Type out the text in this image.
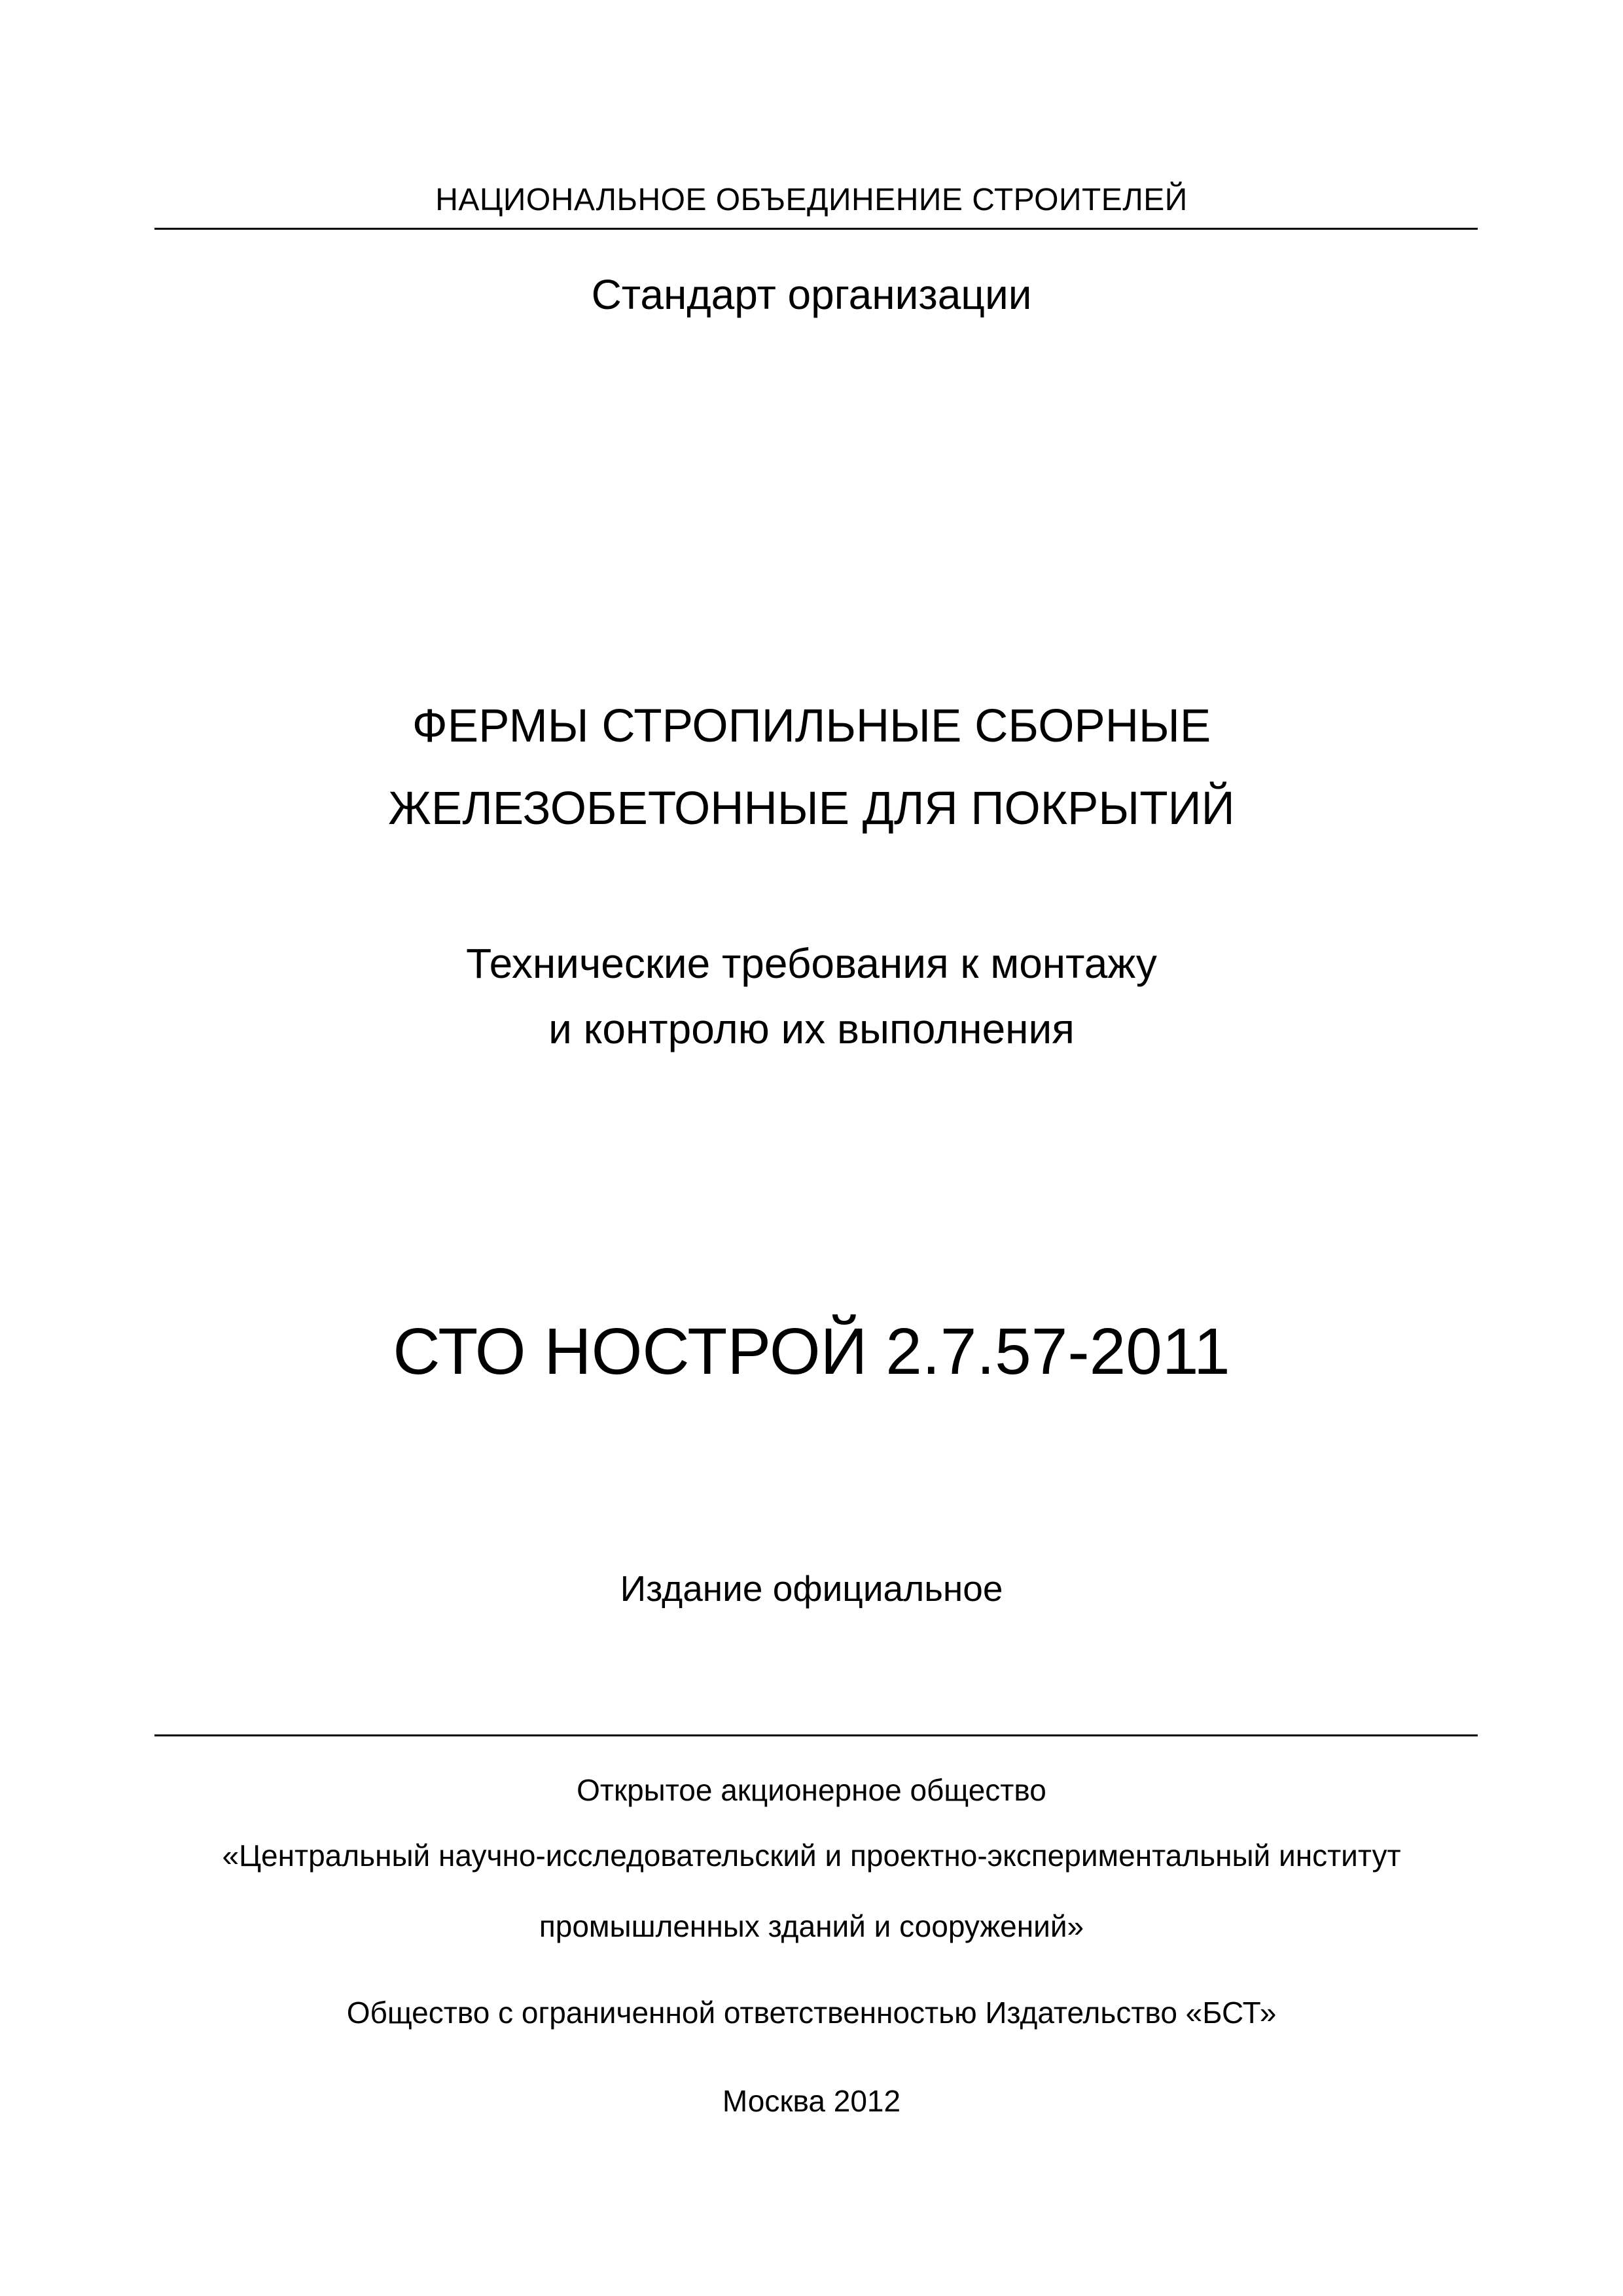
НАЦИОНАЛЬНОЕ ОБЪЕДИНЕНИЕ СТРОИТЕЛЕЙ
Стандарт организации
ФЕРМЫ СТРОПИЛЬНЫЕ СБОРНЫЕ
ЖЕЛЕЗОБЕТОННЫЕ ДЛЯ ПОКРЫТИЙ
Технические требования к монтажу
и контролю их выполнения
СТО НОСТРОЙ 2.7.57-2011
Издание официальное
Открытое акционерное общество
«Центральный научно-исследовательский и проектно-экспериментальный институт
промышленных зданий и сооружений»
Общество с ограниченной ответственностью Издательство «БСТ»
Москва 2012
